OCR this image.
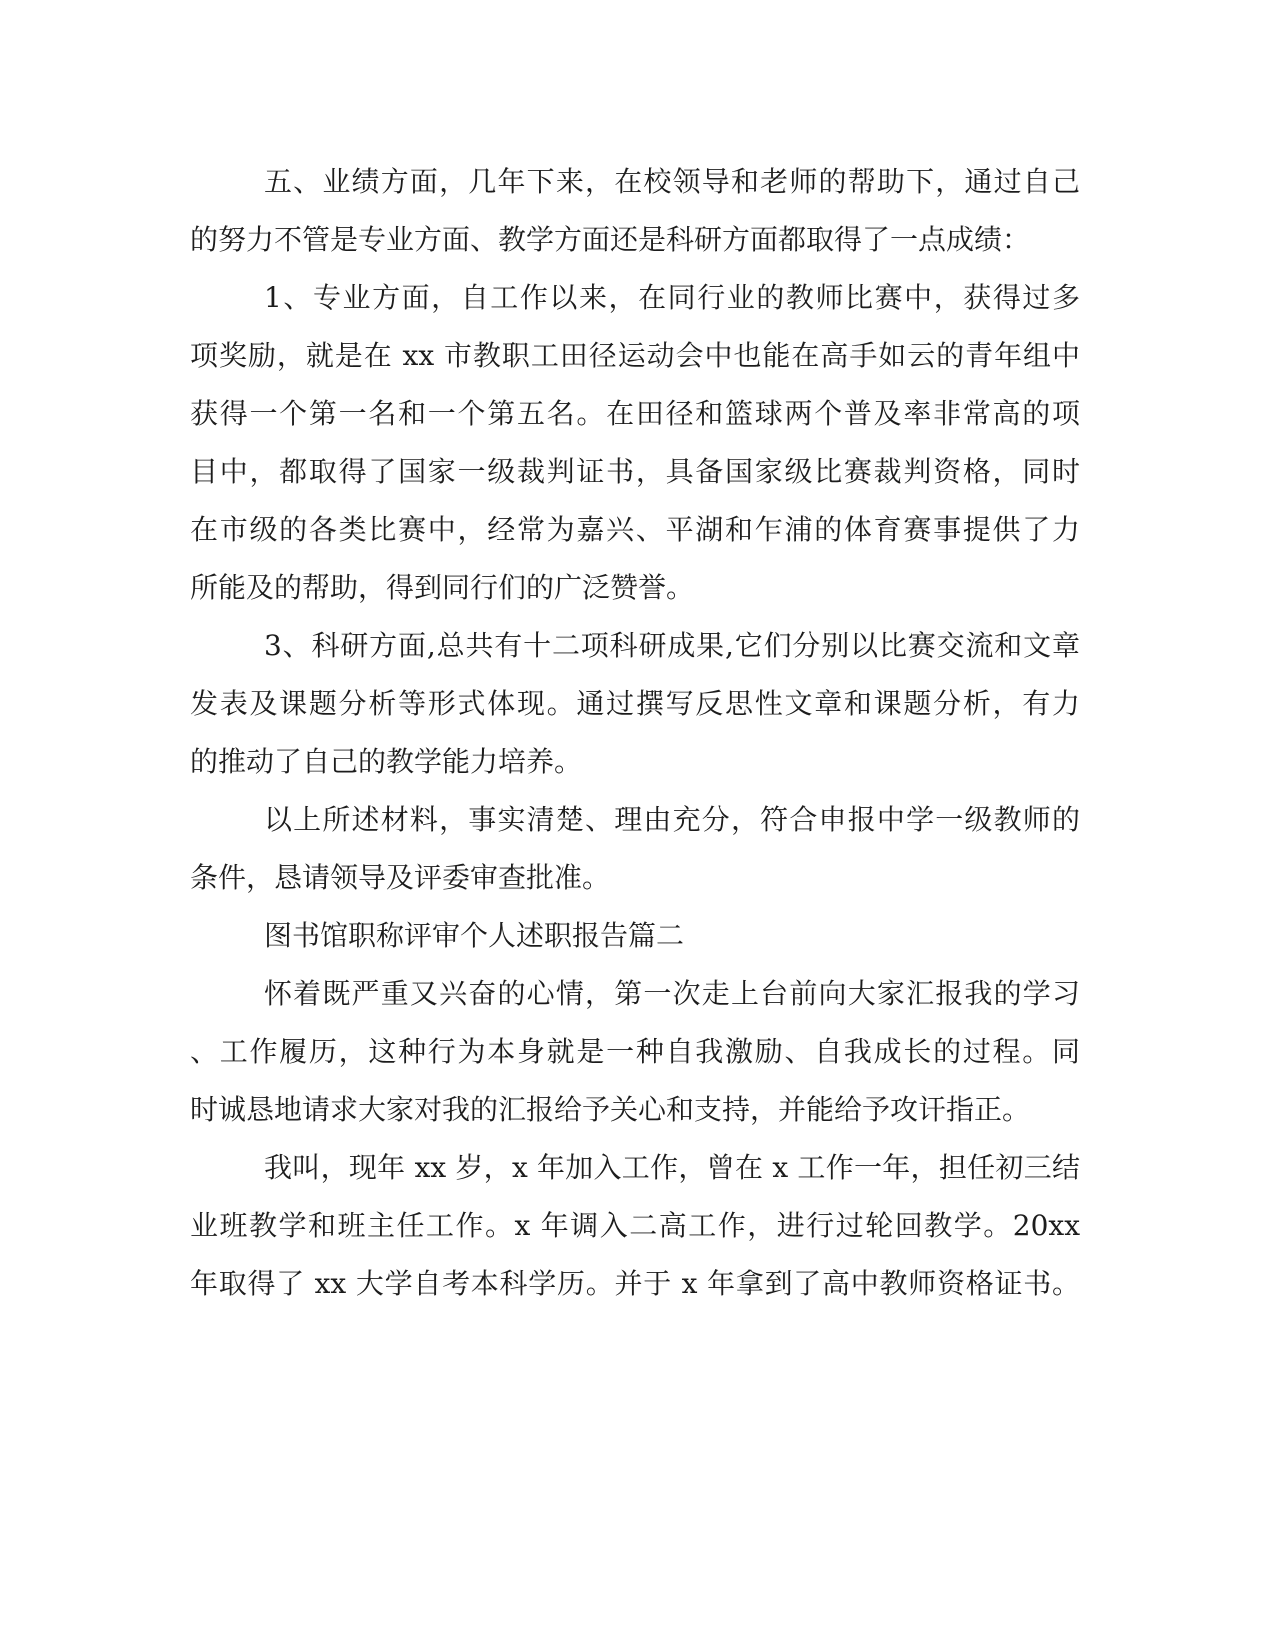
五、业绩方面，几年下来，在校领导和老师的帮助下，通过自己
的努力不管是专业方面、教学方面还是科研方面都取得了一点成绩：
1、专业方面，自工作以来，在同行业的教师比赛中，获得过多
项奖励，就是在 xx 市教职工田径运动会中也能在高手如云的青年组中
获得一个第一名和一个第五名。在田径和篮球两个普及率非常高的项
目中，都取得了国家一级裁判证书，具备国家级比赛裁判资格，同时
在市级的各类比赛中，经常为嘉兴、平湖和乍浦的体育赛事提供了力
所能及的帮助，得到同行们的广泛赞誉。
3、科研方面,总共有十二项科研成果,它们分别以比赛交流和文章
发表及课题分析等形式体现。通过撰写反思性文章和课题分析，有力
的推动了自己的教学能力培养。
以上所述材料，事实清楚、理由充分，符合申报中学一级教师的
条件，恳请领导及评委审查批准。
图书馆职称评审个人述职报告篇二
怀着既严重又兴奋的心情，第一次走上台前向大家汇报我的学习
、工作履历，这种行为本身就是一种自我激励、自我成长的过程。同
时诚恳地请求大家对我的汇报给予关心和支持，并能给予攻讦指正。
我叫，现年 xx 岁，x 年加入工作，曾在 x 工作一年，担任初三结
业班教学和班主任工作。x 年调入二高工作，进行过轮回教学。20xx
年取得了 xx 大学自考本科学历。并于 x 年拿到了高中教师资格证书。
